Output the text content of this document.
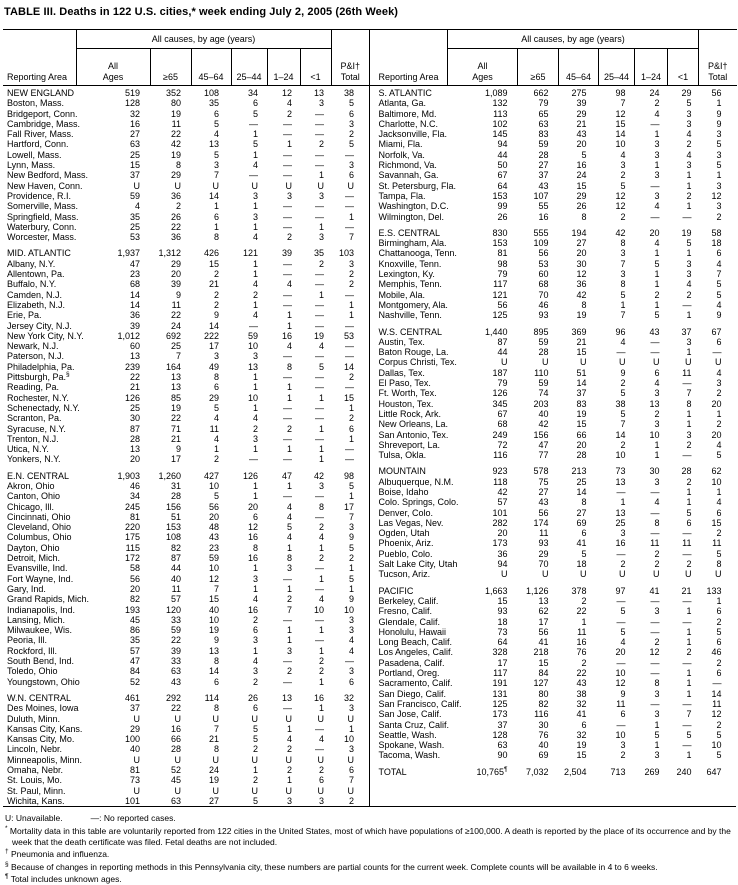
TABLE III. Deaths in 122 U.S. cities,* week ending July 2, 2005 (26th Week)
	All causes, by age (years)						
Reporting Area	All
Ages	≥65	45–64	25–44	1–24	<1	P&I†
Total

NEW ENGLAND	519	352	108	34	12	13	38
Boston, Mass.	128	80	35	6	4	3	5
Bridgeport, Conn.	32	19	6	5	2	—	6
Cambridge, Mass.	16	11	5	—	—	—	3
Fall River, Mass.	27	22	4	1	—	—	2
Hartford, Conn.	63	42	13	5	1	2	5
Lowell, Mass.	25	19	5	1	—	—	—
Lynn, Mass.	15	8	3	4	—	—	3
New Bedford, Mass.	37	29	7	—	—	1	6
New Haven, Conn.	U	U	U	U	U	U	U
Providence, R.I.	59	36	14	3	3	3	—
Somerville, Mass.	4	2	1	1	—	—	—
Springfield, Mass.	35	26	6	3	—	—	1
Waterbury, Conn.	25	22	1	1	—	1	—
Worcester, Mass.	53	36	8	4	2	3	7

MID. ATLANTIC	1,937	1,312	426	121	39	35	103
Albany, N.Y.	47	29	15	1	—	2	3
Allentown, Pa.	23	20	2	1	—	—	2
Buffalo, N.Y.	68	39	21	4	4	—	2
Camden, N.J.	14	9	2	2	—	1	—
Elizabeth, N.J.	14	11	2	1	—	—	1
Erie, Pa.	36	22	9	4	1	—	1
Jersey City, N.J.	39	24	14	—	1	—	—
New York City, N.Y.	1,012	692	222	59	16	19	53
Newark, N.J.	60	25	17	10	4	4	—
Paterson, N.J.	13	7	3	3	—	—	—
Philadelphia, Pa.	239	164	49	13	8	5	14
Pittsburgh, Pa.§	22	13	8	1	—	—	2
Reading, Pa.	21	13	6	1	1	—	—
Rochester, N.Y.	126	85	29	10	1	1	15
Schenectady, N.Y.	25	19	5	1	—	—	1
Scranton, Pa.	30	22	4	4	—	—	2
Syracuse, N.Y.	87	71	11	2	2	1	6
Trenton, N.J.	28	21	4	3	—	—	1
Utica, N.Y.	13	9	1	1	1	1	—
Yonkers, N.Y.	20	17	2	—	—	1	—

E.N. CENTRAL	1,903	1,260	427	126	47	42	98
Akron, Ohio	46	31	10	1	1	3	5
Canton, Ohio	34	28	5	1	—	—	1
Chicago, Ill.	245	156	56	20	4	8	17
Cincinnati, Ohio	81	51	20	6	4	—	7
Cleveland, Ohio	220	153	48	12	5	2	3
Columbus, Ohio	175	108	43	16	4	4	9
Dayton, Ohio	115	82	23	8	1	1	5
Detroit, Mich.	172	87	59	16	8	2	2
Evansville, Ind.	58	44	10	1	3	—	1
Fort Wayne, Ind.	56	40	12	3	—	1	5
Gary, Ind.	20	11	7	1	1	—	1
Grand Rapids, Mich.	82	57	15	4	2	4	9
Indianapolis, Ind.	193	120	40	16	7	10	10
Lansing, Mich.	45	33	10	2	—	—	3
Milwaukee, Wis.	86	59	19	6	1	1	3
Peoria, Ill.	35	22	9	3	1	—	4
Rockford, Ill.	57	39	13	1	3	1	4
South Bend, Ind.	47	33	8	4	—	2	—
Toledo, Ohio	84	63	14	3	2	2	3
Youngstown, Ohio	52	43	6	2	—	1	6

W.N. CENTRAL	461	292	114	26	13	16	32
Des Moines, Iowa	37	22	8	6	—	1	3
Duluth, Minn.	U	U	U	U	U	U	U
Kansas City, Kans.	29	16	7	5	1	—	1
Kansas City, Mo.	100	66	21	5	4	4	10
Lincoln, Nebr.	40	28	8	2	2	—	3
Minneapolis, Minn.	U	U	U	U	U	U	U
Omaha, Nebr.	81	52	24	1	2	2	6
St. Louis, Mo.	73	45	19	2	1	6	7
St. Paul, Minn.	U	U	U	U	U	U	U
Wichita, Kans.	101	63	27	5	3	3	2
	All causes, by age (years)						
Reporting Area	All
Ages	≥65	45–64	25–44	1–24	<1	P&I†
Total

S. ATLANTIC	1,089	662	275	98	24	29	56
Atlanta, Ga.	132	79	39	7	2	5	1
Baltimore, Md.	113	65	29	12	4	3	9
Charlotte, N.C.	102	63	21	15	—	3	9
Jacksonville, Fla.	145	83	43	14	1	4	3
Miami, Fla.	94	59	20	10	3	2	5
Norfolk, Va.	44	28	5	4	3	4	3
Richmond, Va.	50	27	16	3	1	3	5
Savannah, Ga.	67	37	24	2	3	1	1
St. Petersburg, Fla.	64	43	15	5	—	1	3
Tampa, Fla.	153	107	29	12	3	2	12
Washington, D.C.	99	55	26	12	4	1	3
Wilmington, Del.	26	16	8	2	—	—	2

E.S. CENTRAL	830	555	194	42	20	19	58
Birmingham, Ala.	153	109	27	8	4	5	18
Chattanooga, Tenn.	81	56	20	3	1	1	6
Knoxville, Tenn.	98	53	30	7	5	3	4
Lexington, Ky.	79	60	12	3	1	3	7
Memphis, Tenn.	117	68	36	8	1	4	5
Mobile, Ala.	121	70	42	5	2	2	5
Montgomery, Ala.	56	46	8	1	1	—	4
Nashville, Tenn.	125	93	19	7	5	1	9

W.S. CENTRAL	1,440	895	369	96	43	37	67
Austin, Tex.	87	59	21	4	—	3	6
Baton Rouge, La.	44	28	15	—	—	1	—
Corpus Christi, Tex.	U	U	U	U	U	U	U
Dallas, Tex.	187	110	51	9	6	11	4
El Paso, Tex.	79	59	14	2	4	—	3
Ft. Worth, Tex.	126	74	37	5	3	7	2
Houston, Tex.	345	203	83	38	13	8	20
Little Rock, Ark.	67	40	19	5	2	1	1
New Orleans, La.	68	42	15	7	3	1	2
San Antonio, Tex.	249	156	66	14	10	3	20
Shreveport, La.	72	47	20	2	1	2	4
Tulsa, Okla.	116	77	28	10	1	—	5

MOUNTAIN	923	578	213	73	30	28	62
Albuquerque, N.M.	118	75	25	13	3	2	10
Boise, Idaho	42	27	14	—	—	1	1
Colo. Springs, Colo.	57	43	8	1	4	1	4
Denver, Colo.	101	56	27	13	—	5	6
Las Vegas, Nev.	282	174	69	25	8	6	15
Ogden, Utah	20	11	6	3	—	—	2
Phoenix, Ariz.	173	93	41	16	11	11	11
Pueblo, Colo.	36	29	5	—	2	—	5
Salt Lake City, Utah	94	70	18	2	2	2	8
Tucson, Ariz.	U	U	U	U	U	U	U

PACIFIC	1,663	1,126	378	97	41	21	133
Berkeley, Calif.	15	13	2	—	—	—	1
Fresno, Calif.	93	62	22	5	3	1	6
Glendale, Calif.	18	17	1	—	—	—	2
Honolulu, Hawaii	73	56	11	5	—	1	5
Long Beach, Calif.	64	41	16	4	2	1	6
Los Angeles, Calif.	328	218	76	20	12	2	46
Pasadena, Calif.	17	15	2	—	—	—	2
Portland, Oreg.	117	84	22	10	—	1	6
Sacramento, Calif.	191	127	43	12	8	1	—
San Diego, Calif.	131	80	38	9	3	1	14
San Francisco, Calif.	125	82	32	11	—	—	11
San Jose, Calif.	173	116	41	6	3	7	12
Santa Cruz, Calif.	37	30	6	—	1	—	2
Seattle, Wash.	128	76	32	10	5	5	5
Spokane, Wash.	63	40	19	3	1	—	10
Tacoma, Wash.	90	69	15	2	3	1	5

TOTAL	10,765¶	7,032	2,504	713	269	240	647
U: Unavailable.	—: No reported cases.
* Mortality data in this table are voluntarily reported from 122 cities in the United States, most of which have populations of ≥100,000. A death is reported by the place of its occurrence and by the week that the death certificate was filed. Fetal deaths are not included.
† Pneumonia and influenza.
§ Because of changes in reporting methods in this Pennsylvania city, these numbers are partial counts for the current week. Complete counts will be available in 4 to 6 weeks.
¶ Total includes unknown ages.
